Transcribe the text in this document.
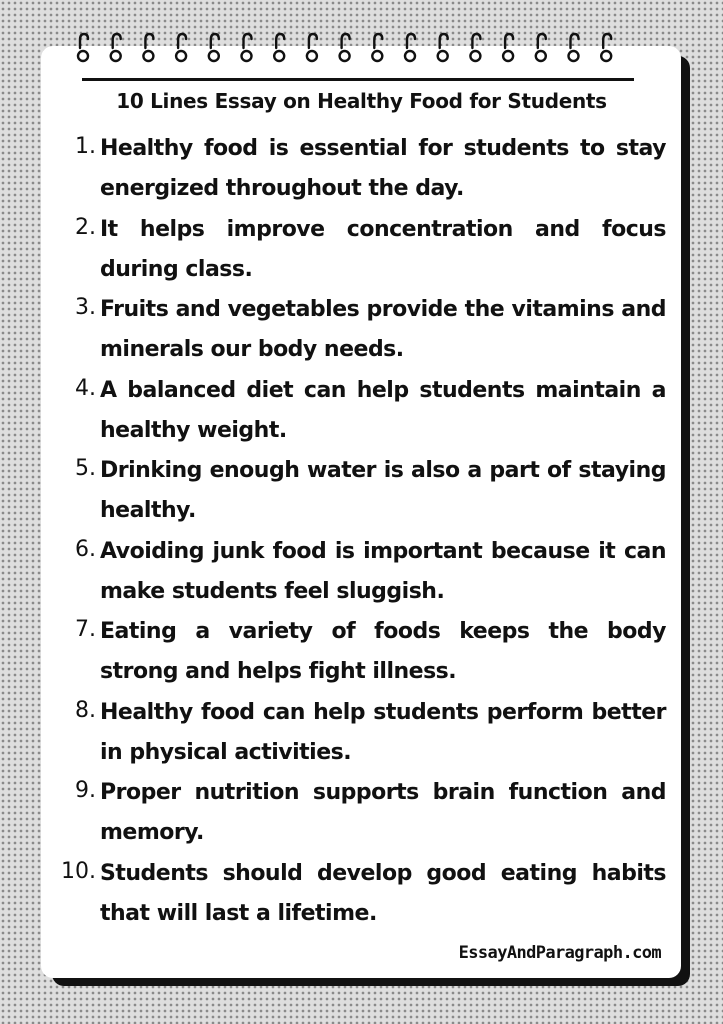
10 Lines Essay on Healthy Food for Students
1. Healthy food is essential for students to stay energized throughout the day.
2. It helps improve concentration and focus during class.
3. Fruits and vegetables provide the vitamins and minerals our body needs.
4. A balanced diet can help students maintain a healthy weight.
5. Drinking enough water is also a part of staying healthy.
6. Avoiding junk food is important because it can make students feel sluggish.
7. Eating a variety of foods keeps the body strong and helps fight illness.
8. Healthy food can help students perform better in physical activities.
9. Proper nutrition supports brain function and memory.
10. Students should develop good eating habits that will last a lifetime.
EssayAndParagraph.com
